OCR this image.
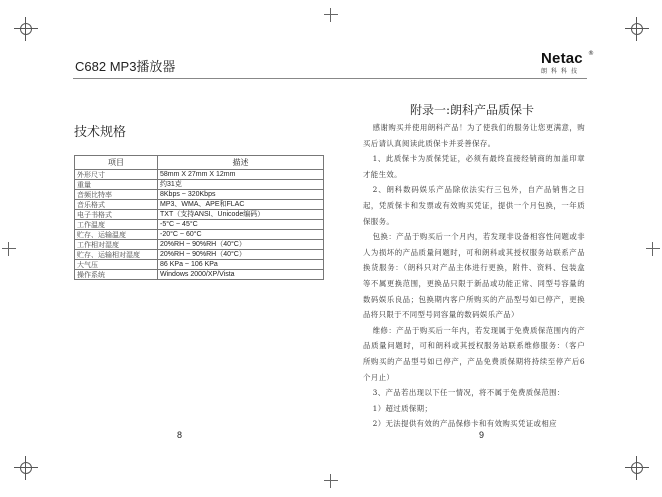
C682 MP3播放器	Netac
朗科科技
®
技术规格
项目	描述
外形尺寸	58mm X 27mm X 12mm
重量	约31克
音频比特率	8Kbps ~ 320Kbps
音乐格式	MP3、WMA、APE和FLAC
电子书格式	TXT（支持ANSI、Unicode编码）
工作温度	-5°C ~ 45°C
贮存、运输温度	-20°C ~ 60°C
工作相对湿度	20%RH ~ 90%RH（40°C）
贮存、运输相对湿度	20%RH ~ 90%RH（40°C）
大气压	86 KPa ~ 106 KPa
操作系统	Windows 2000/XP/Vista
8
附录一:朗科产品质保卡

感谢购买并使用朗科产品！为了使我们的服务让您更满意，购买后请认真阅读此质保卡并妥善保存。

1、此质保卡为质保凭证，必须有最终直接经销商的加盖印章才能生效。

2、朗科数码娱乐产品除依法实行三包外，自产品销售之日起，凭质保卡和发票或有效购买凭证，提供一个月包换，一年质保服务。

包换：产品于购买后一个月内，若发现非设备相容性问题或非人为损坏的产品质量问题时，可和朗科或其授权服务站联系产品换货服务：（朗科只对产品主体进行更换，附件、资料、包装盒等不属更换范围，更换品只限于新品或功能正常、同型号容量的数码娱乐良品；包换期内客户所购买的产品型号如已停产，更换品将只限于不同型号同容量的数码娱乐产品）

维修：产品于购买后一年内，若发现属于免费质保范围内的产品质量问题时，可和朗科或其授权服务站联系维修服务：（客户所购买的产品型号如已停产，产品免费质保期将持续至停产后6个月止）

3、产品若出现以下任一情况，将不属于免费质保范围：

1）超过质保期；

2）无法提供有效的产品保修卡和有效购买凭证或相应

9
